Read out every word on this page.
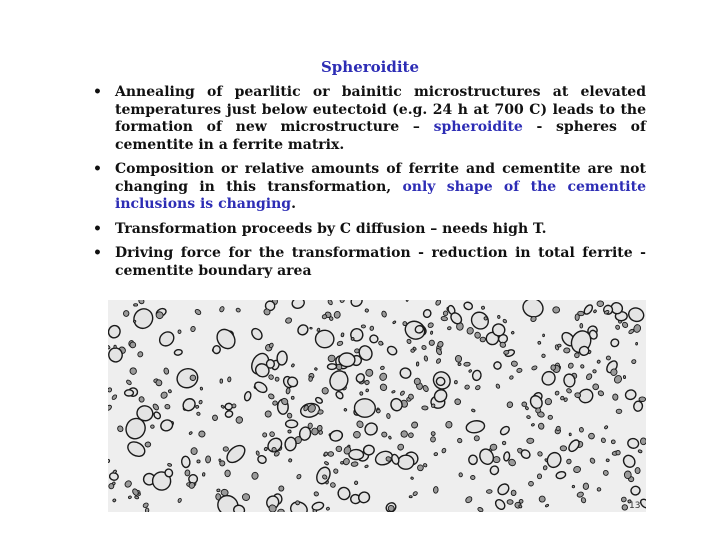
Spheroidite
• Annealing of pearlitic or bainitic microstructures at elevated temperatures just below eutectoid (e.g. 24 h at 700 C) leads to the formation of new microstructure – spheroidite - spheres of cementite in a ferrite matrix.
• Composition or relative amounts of ferrite and cementite are not changing in this transformation, only shape of the cementite inclusions is changing.
• Transformation proceeds by C diffusion – needs high T.
• Driving force for the transformation - reduction in total ferrite - cementite boundary area
13
